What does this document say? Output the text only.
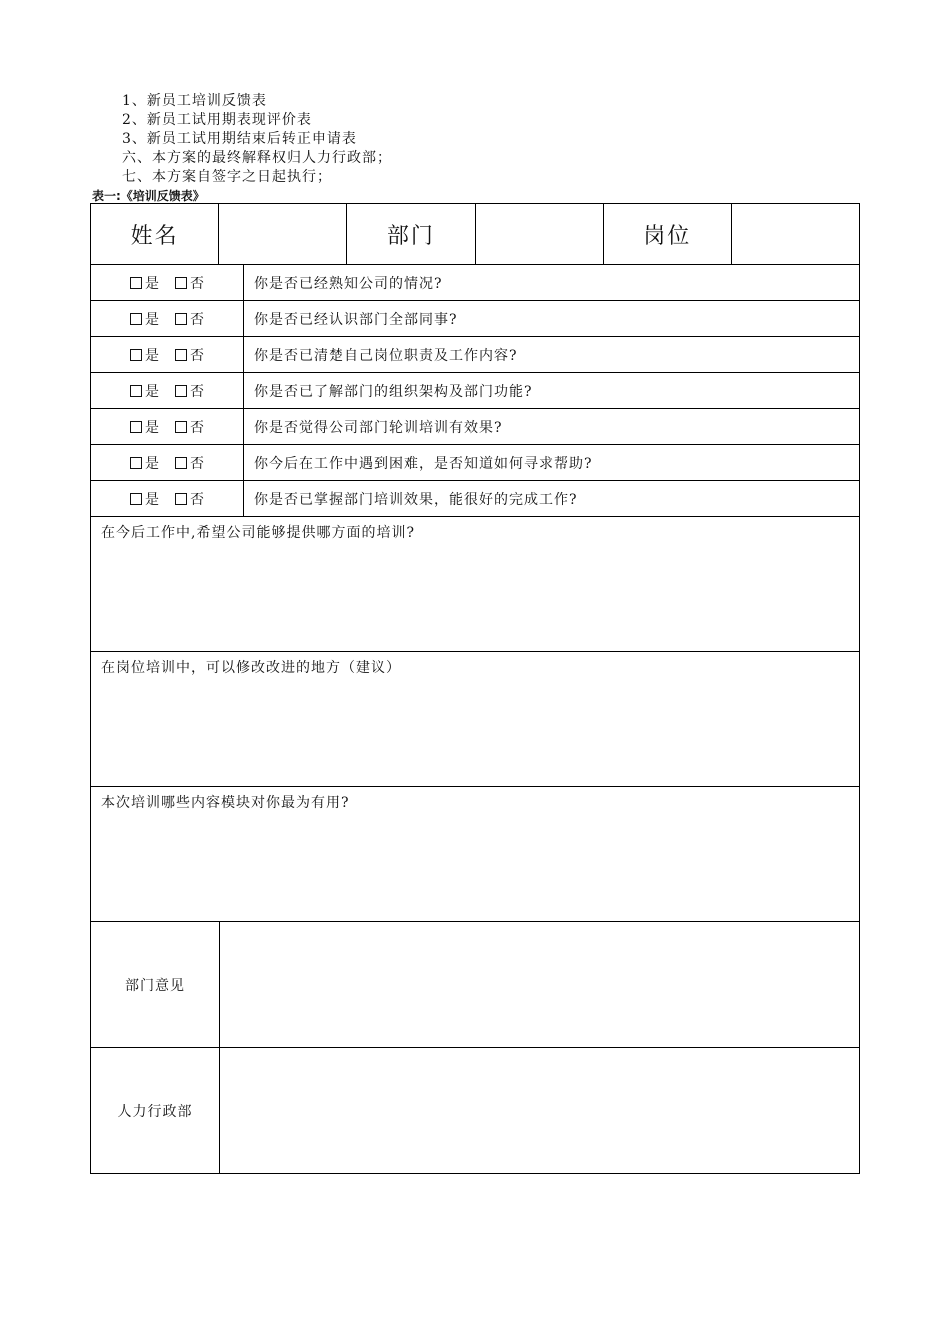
1、新员工培训反馈表
2、新员工试用期表现评价表
3、新员工试用期结束后转正申请表
六、本方案的最终解释权归人力行政部；
七、本方案自签字之日起执行；
表一:《培训反馈表》
姓名	部门	岗位
是 否	你是否已经熟知公司的情况?
是 否	你是否已经认识部门全部同事?
是 否	你是否已清楚自己岗位职责及工作内容?
是 否	你是否已了解部门的组织架构及部门功能?
是 否	你是否觉得公司部门轮训培训有效果?
是 否	你今后在工作中遇到困难，是否知道如何寻求帮助?
是 否	你是否已掌握部门培训效果，能很好的完成工作?
在今后工作中,希望公司能够提供哪方面的培训?
在岗位培训中，可以修改改进的地方（建议）
本次培训哪些内容模块对你最为有用?
部门意见
人力行政部
